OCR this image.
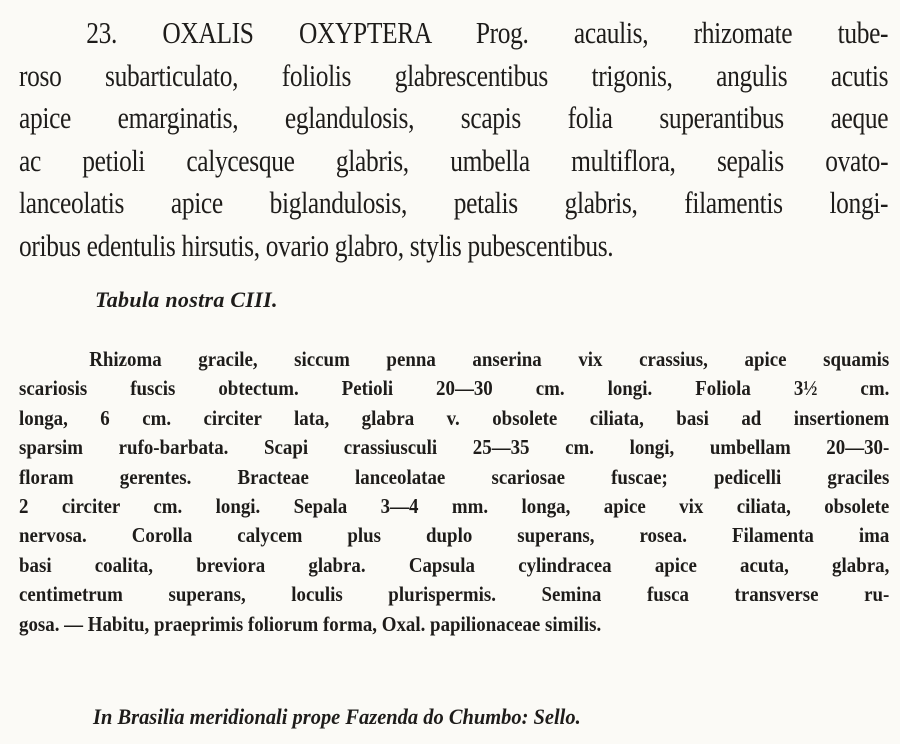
23. OXALIS OXYPTERA Prog. acaulis, rhizomate tube-
roso subarticulato, foliolis glabrescentibus trigonis, angulis acutis
apice emarginatis, eglandulosis, scapis folia superantibus aeque
ac petioli calycesque glabris, umbella multiflora, sepalis ovato-
lanceolatis apice biglandulosis, petalis glabris, filamentis longi-
oribus edentulis hirsutis, ovario glabro, stylis pubescentibus.
Tabula nostra CIII.
Rhizoma gracile, siccum penna anserina vix crassius, apice squamis
scariosis fuscis obtectum. Petioli 20—30 cm. longi. Foliola 3½ cm.
longa, 6 cm. circiter lata, glabra v. obsolete ciliata, basi ad insertionem
sparsim rufo-barbata. Scapi crassiusculi 25—35 cm. longi, umbellam 20—30-
floram gerentes. Bracteae lanceolatae scariosae fuscae; pedicelli graciles
2 circiter cm. longi. Sepala 3—4 mm. longa, apice vix ciliata, obsolete
nervosa. Corolla calycem plus duplo superans, rosea. Filamenta ima
basi coalita, breviora glabra. Capsula cylindracea apice acuta, glabra,
centimetrum superans, loculis plurispermis. Semina fusca transverse ru-
gosa. — Habitu, praeprimis foliorum forma, Oxal. papilionaceae similis.
In Brasilia meridionali prope Fazenda do Chumbo: Sello.
